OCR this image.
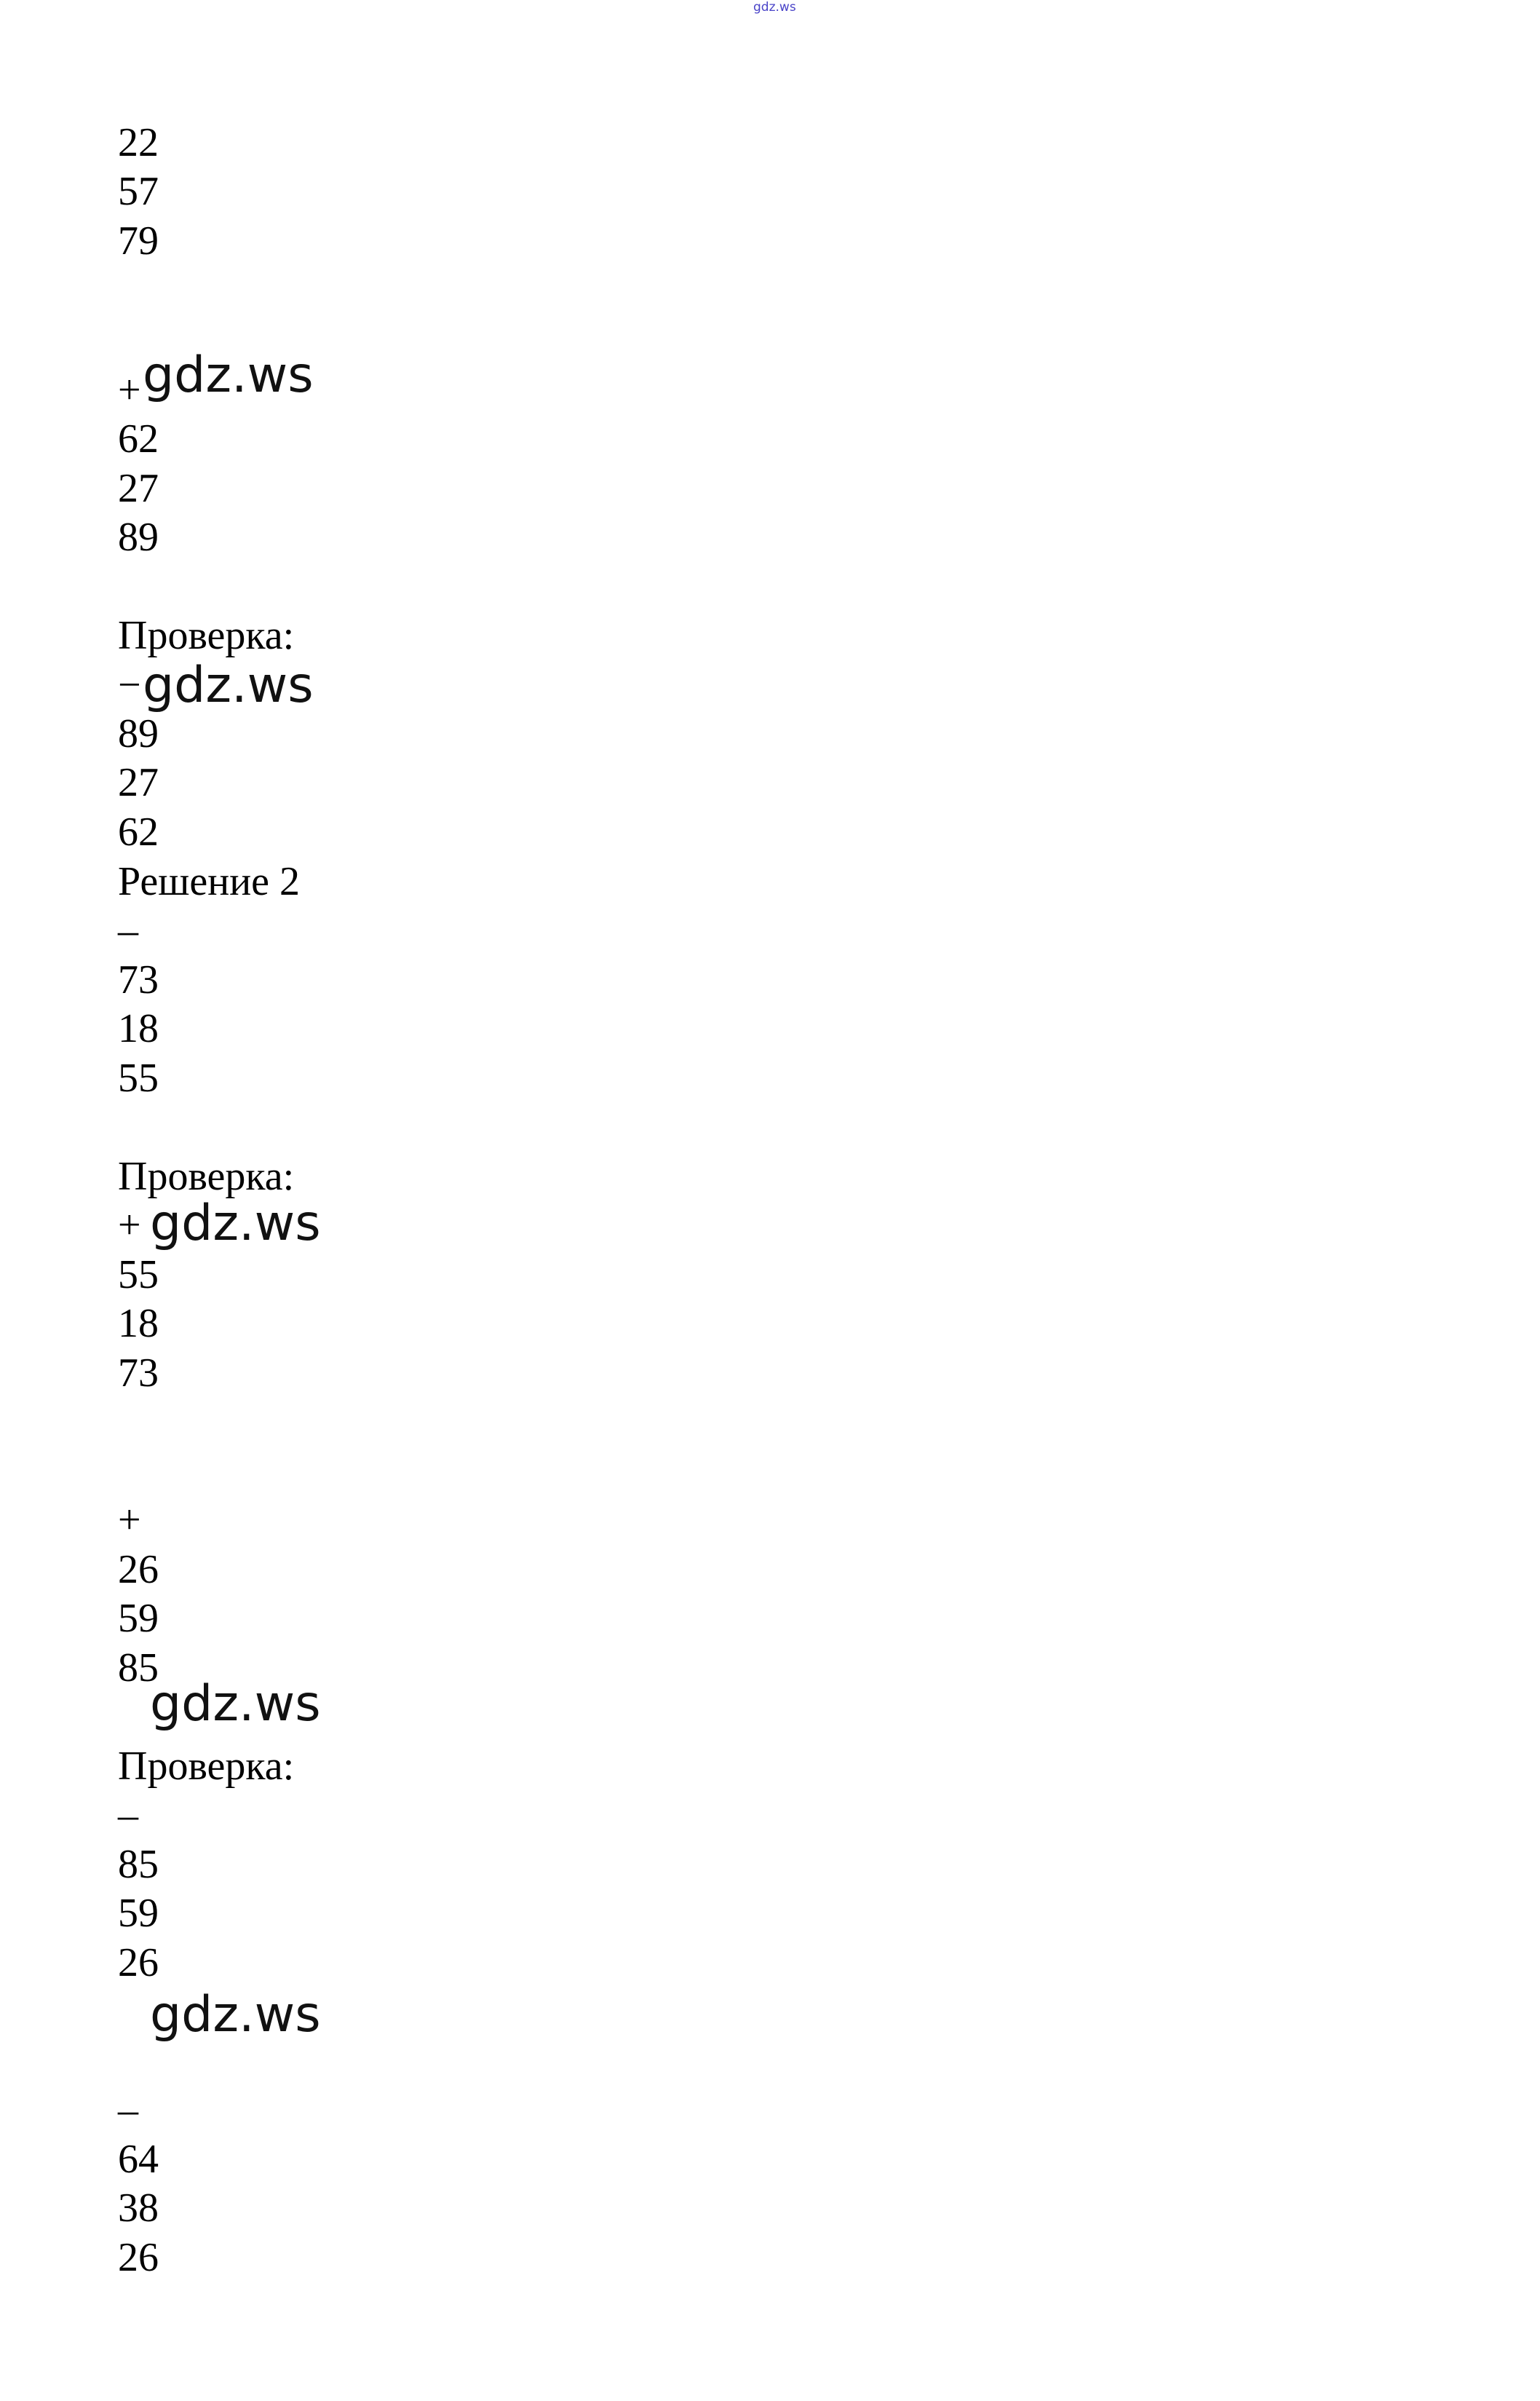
gdz.ws
22
57
79
+ gdz.ws
62
27
89
Проверка:
− gdz.ws
89
27
62
Решение 2
–
73
18
55
Проверка:
+ gdz.ws
55
18
73
+
26
59
85
gdz.ws
Проверка:
–
85
59
26
gdz.ws
–
64
38
26
